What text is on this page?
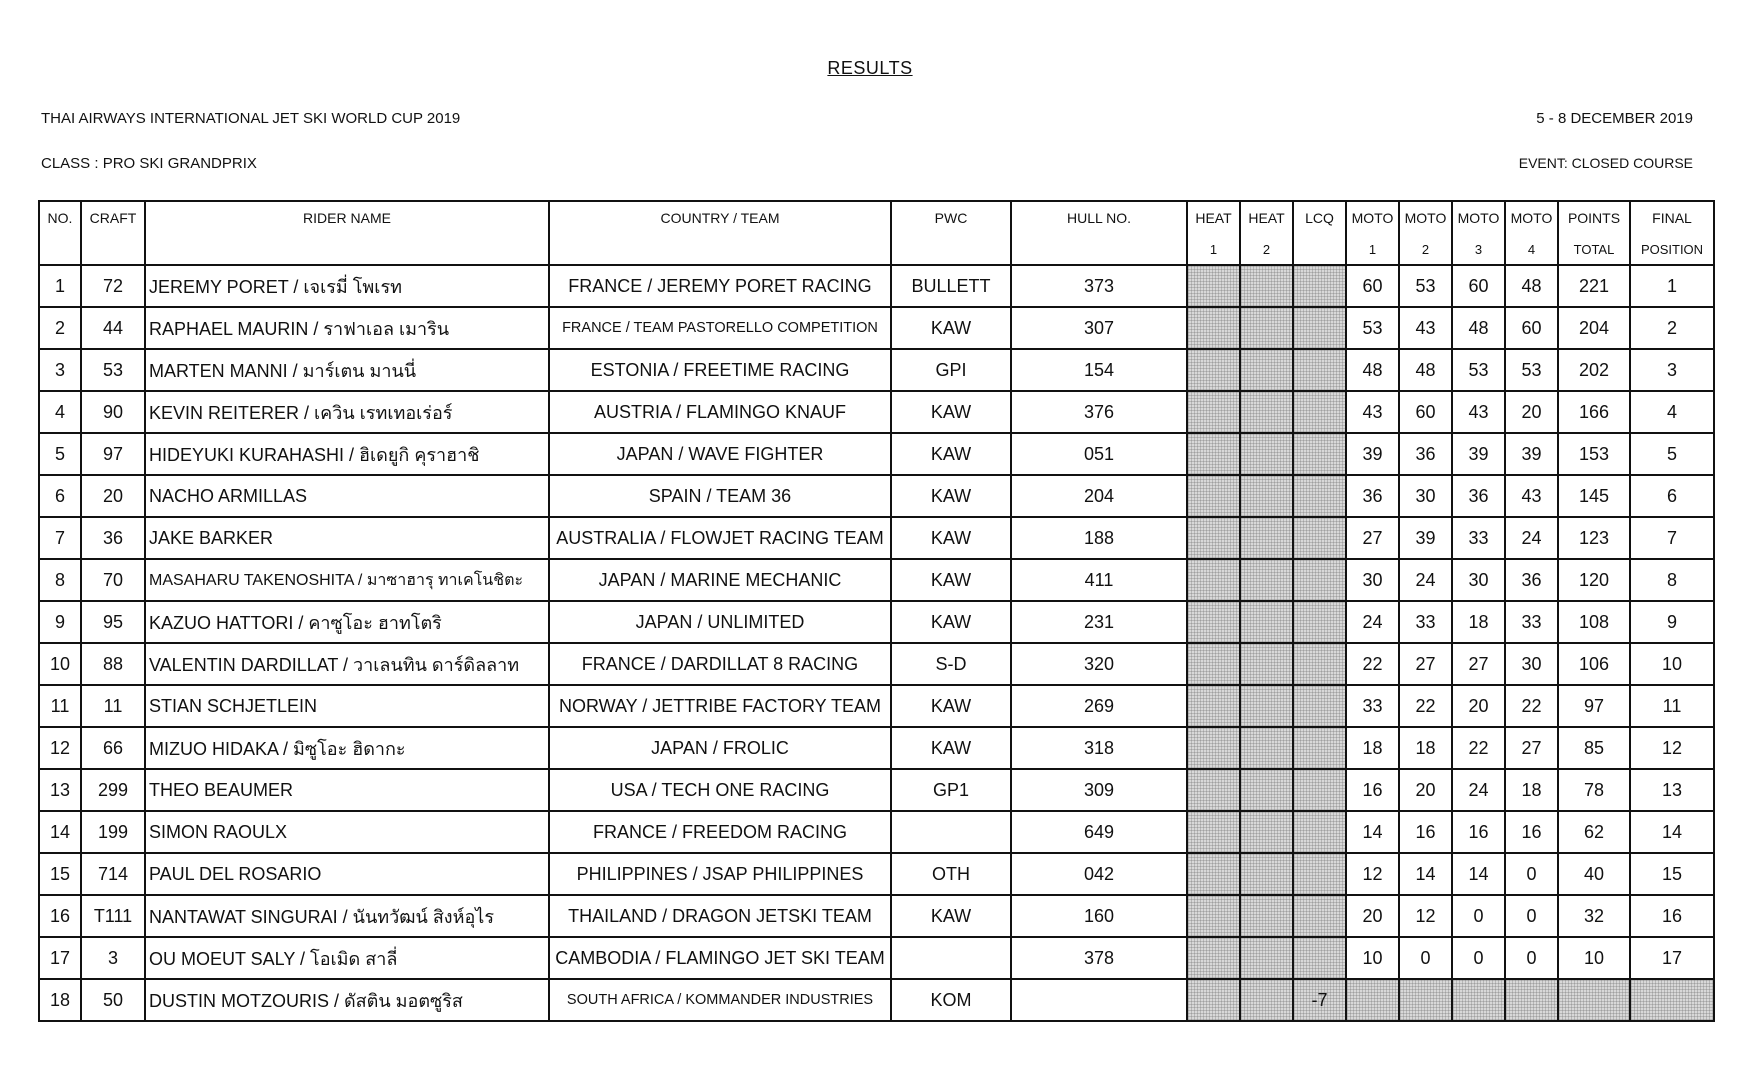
RESULTS
THAI AIRWAYS INTERNATIONAL JET SKI WORLD CUP 2019	5 - 8 DECEMBER 2019
CLASS : PRO SKI GRANDPRIX	EVENT: CLOSED COURSE
NO.	CRAFT	RIDER NAME	COUNTRY / TEAM	PWC	HULL NO.	HEAT	HEAT	LCQ	MOTO	MOTO	MOTO	MOTO	POINTS	FINAL
						1	2		1	2	3	4	TOTAL	POSITION
1	72	JEREMY PORET / เจเรมี่ โพเรท	FRANCE / JEREMY PORET RACING	BULLETT	373				60	53	60	48	221	1
2	44	RAPHAEL MAURIN / ราฟาเอล เมาริน	FRANCE / TEAM PASTORELLO COMPETITION	KAW	307				53	43	48	60	204	2
3	53	MARTEN MANNI / มาร์เตน มานนี่	ESTONIA / FREETIME RACING	GPI	154				48	48	53	53	202	3
4	90	KEVIN REITERER / เควิน เรทเทอเร่อร์	AUSTRIA / FLAMINGO KNAUF	KAW	376				43	60	43	20	166	4
5	97	HIDEYUKI KURAHASHI / ฮิเดยูกิ คุราฮาชิ	JAPAN / WAVE FIGHTER	KAW	051				39	36	39	39	153	5
6	20	NACHO ARMILLAS	SPAIN / TEAM 36	KAW	204				36	30	36	43	145	6
7	36	JAKE BARKER	AUSTRALIA / FLOWJET RACING TEAM	KAW	188				27	39	33	24	123	7
8	70	MASAHARU TAKENOSHITA / มาซาฮารุ ทาเคโนชิตะ	JAPAN / MARINE MECHANIC	KAW	411				30	24	30	36	120	8
9	95	KAZUO HATTORI / คาซูโอะ ฮาทโตริ	JAPAN / UNLIMITED	KAW	231				24	33	18	33	108	9
10	88	VALENTIN DARDILLAT / วาเลนทิน ดาร์ดิลลาท	FRANCE / DARDILLAT 8 RACING	S-D	320				22	27	27	30	106	10
11	11	STIAN SCHJETLEIN	NORWAY / JETTRIBE FACTORY TEAM	KAW	269				33	22	20	22	97	11
12	66	MIZUO HIDAKA / มิซูโอะ ฮิดากะ	JAPAN / FROLIC	KAW	318				18	18	22	27	85	12
13	299	THEO BEAUMER	USA / TECH ONE RACING	GP1	309				16	20	24	18	78	13
14	199	SIMON RAOULX	FRANCE / FREEDOM RACING		649				14	16	16	16	62	14
15	714	PAUL DEL ROSARIO	PHILIPPINES / JSAP PHILIPPINES	OTH	042				12	14	14	0	40	15
16	T111	NANTAWAT SINGURAI / นันทวัฒน์ สิงห์อุไร	THAILAND / DRAGON JETSKI TEAM	KAW	160				20	12	0	0	32	16
17	3	OU MOEUT SALY / โอเมิด สาลี่	CAMBODIA / FLAMINGO JET SKI TEAM		378				10	0	0	0	10	17
18	50	DUSTIN MOTZOURIS / ดัสติน มอตซูริส	SOUTH AFRICA / KOMMANDER INDUSTRIES	KOM				-7						
